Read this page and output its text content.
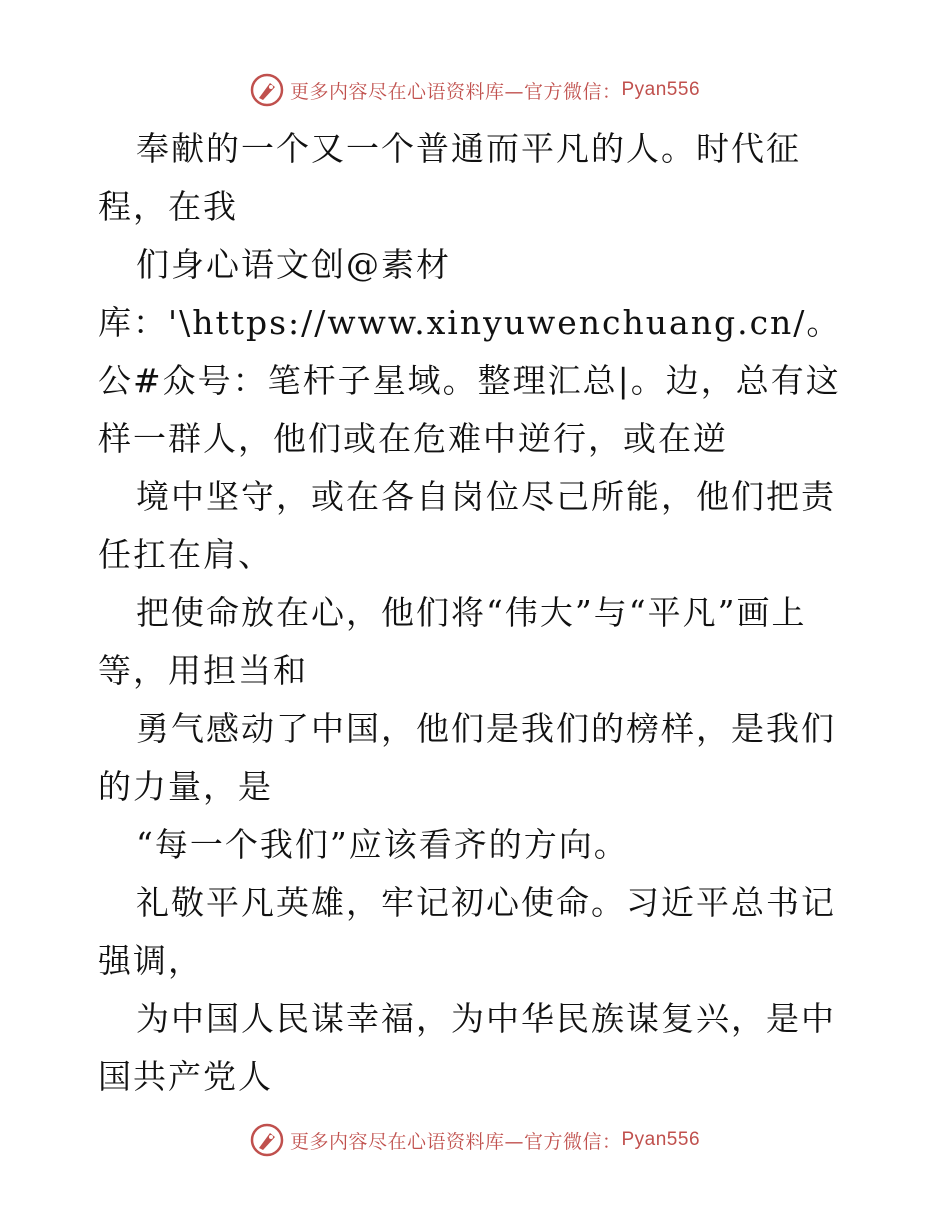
更多内容尽在心语资料库—官方微信： Pyan556

奉献的一个又一个普通而平凡的人。时代征程，在我

们身心语文创@素材库：'\https://www.xinyuwenchuang.cn/。公#众号：笔杆子星域。整理汇总|。边，总有这样一群人，他们或在危难中逆行，或在逆

境中坚守，或在各自岗位尽己所能，他们把责任扛在肩、

把使命放在心，他们将“伟大”与“平凡”画上等，用担当和

勇气感动了中国，他们是我们的榜样，是我们的力量，是

“每一个我们”应该看齐的方向。

礼敬平凡英雄，牢记初心使命。习近平总书记强调，

为中国人民谋幸福，为中华民族谋复兴，是中国共产党人

更多内容尽在心语资料库—官方微信： Pyan556
